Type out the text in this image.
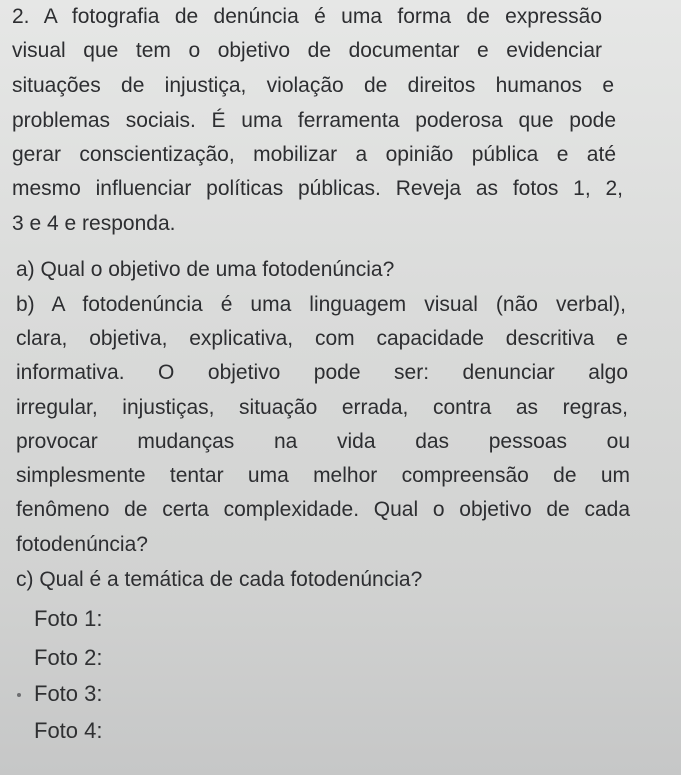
2. A fotografia de denúncia é uma forma de expressão
visual que tem o objetivo de documentar e evidenciar
situações de injustiça, violação de direitos humanos e
problemas sociais. É uma ferramenta poderosa que pode
gerar conscientização, mobilizar a opinião pública e até
mesmo influenciar políticas públicas. Reveja as fotos 1, 2,
3 e 4 e responda.
a) Qual o objetivo de uma fotodenúncia?
b) A fotodenúncia é uma linguagem visual (não verbal),
clara, objetiva, explicativa, com capacidade descritiva e
informativa. O objetivo pode ser: denunciar algo
irregular, injustiças, situação errada, contra as regras,
provocar mudanças na vida das pessoas ou
simplesmente tentar uma melhor compreensão de um
fenômeno de certa complexidade. Qual o objetivo de cada
fotodenúncia?
c) Qual é a temática de cada fotodenúncia?
Foto 1:
Foto 2:
Foto 3:
Foto 4:
